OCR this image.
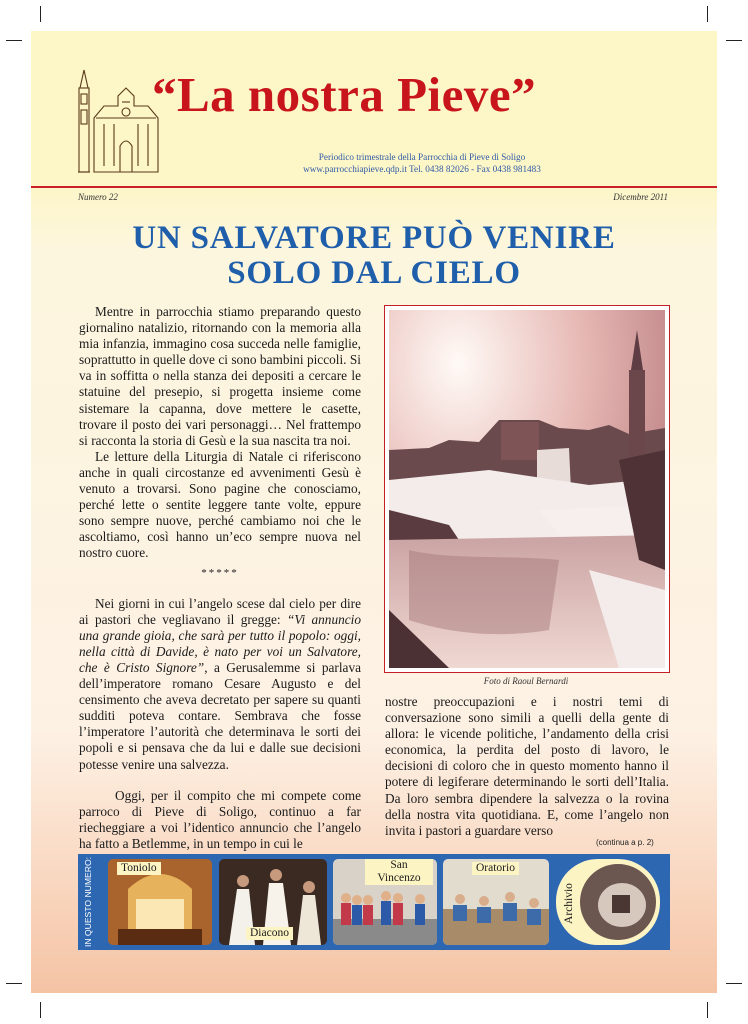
“La nostra Pieve”
Periodico trimestrale della Parrocchia di Pieve di Soligo
www.parrocchiapieve.qdp.it Tel. 0438 82026 - Fax 0438 981483
Numero 22	Dicembre 2011
UN SALVATORE PUÒ VENIRE
SOLO DAL CIELO

Mentre in parrocchia stiamo preparando questo giornalino natalizio, ritornando con la memoria alla mia infanzia, immagino cosa succeda nelle famiglie, soprattutto in quelle dove ci sono bambini piccoli. Si va in soffitta o nella stanza dei depositi a cercare le statuine del presepio, si progetta insieme come sistemare la capanna, dove mettere le casette, trovare il posto dei vari personaggi… Nel frattempo si racconta la storia di Gesù e la sua nascita tra noi.

Le letture della Liturgia di Natale ci riferiscono anche in quali circostanze ed avvenimenti Gesù è venuto a trovarsi. Sono pagine che conosciamo, perché lette o sentite leggere tante volte, eppure sono sempre nuove, perché cambiamo noi che le ascoltiamo, così hanno un’eco sempre nuova nel nostro cuore.

*****

Nei giorni in cui l’angelo scese dal cielo per dire ai pastori che vegliavano il gregge: “Vi annuncio una grande gioia, che sarà per tutto il popolo: oggi, nella città di Davide, è nato per voi un Salvatore, che è Cristo Signore”, a Gerusalemme si parlava dell’imperatore romano Cesare Augusto e del censimento che aveva decretato per sapere su quanti sudditi poteva contare. Sembrava che fosse l’imperatore l’autorità che determinava le sorti dei popoli e si pensava che da lui e dalle sue decisioni potesse venire una salvezza.

Oggi, per il compito che mi compete come parroco di Pieve di Soligo, continuo a far riecheggiare a voi l’identico annuncio che l’angelo ha fatto a Betlemme, in un tempo in cui le

Foto di Raoul Bernardi

nostre preoccupazioni e i nostri temi di conversazione sono simili a quelli della gente di allora: le vicende politiche, l’andamento della crisi economica, la perdita del posto di lavoro, le decisioni di coloro che in questo momento hanno il potere di legiferare determinando le sorti dell’Italia. Da loro sembra dipendere la salvezza o la rovina della nostra vita quotidiana. E, come l’angelo non invita i pastori a guardare verso

(continua a p. 2)
IN QUESTO NUMERO:	Toniolo
Diacono
San Vincenzo
Oratorio
Archivio
